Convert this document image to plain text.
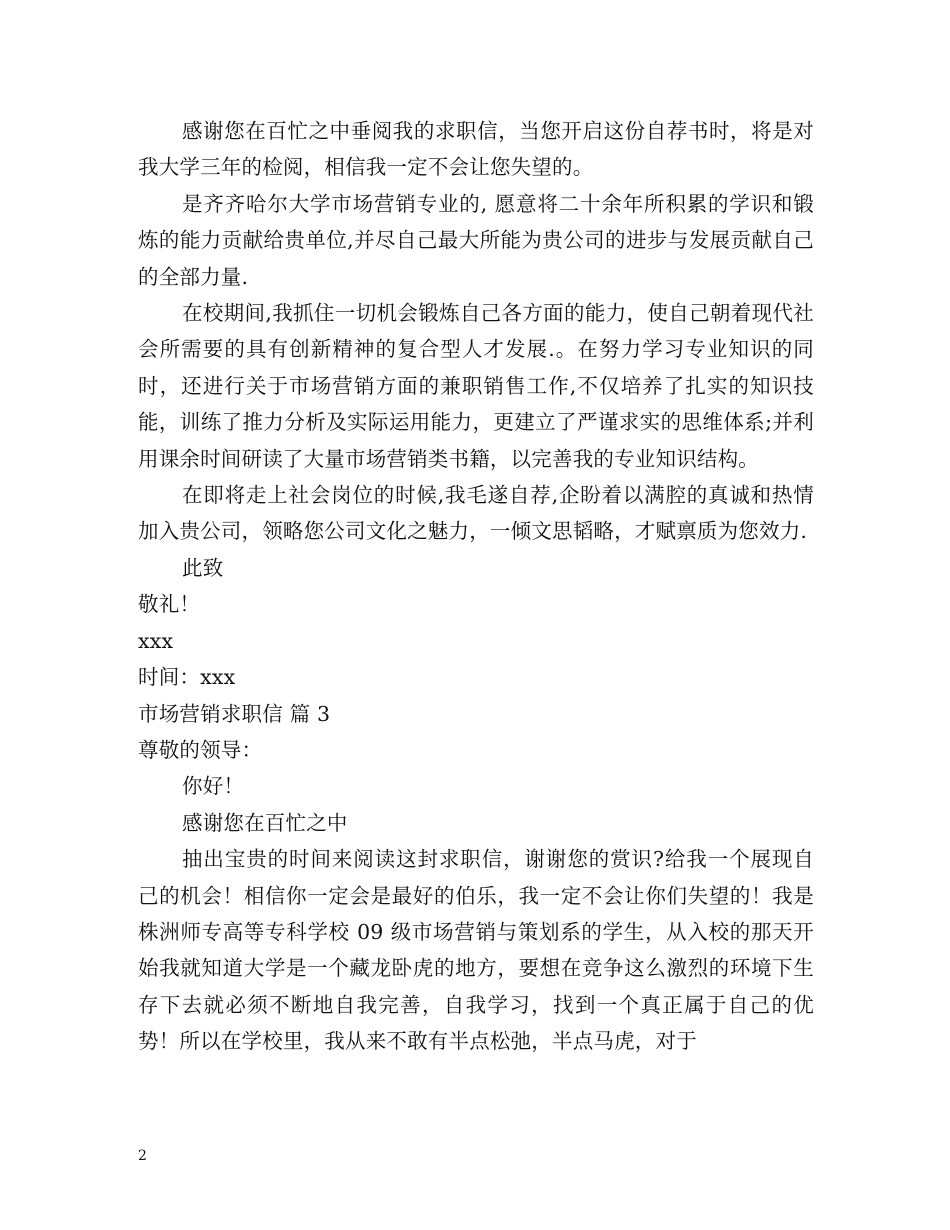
感谢您在百忙之中垂阅我的求职信，当您开启这份自荐书时，将是对我大学三年的检阅，相信我一定不会让您失望的。

是齐齐哈尔大学市场营销专业的, 愿意将二十余年所积累的学识和锻炼的能力贡献给贵单位,并尽自己最大所能为贵公司的进步与发展贡献自己的全部力量.

在校期间,我抓住一切机会锻炼自己各方面的能力，使自己朝着现代社会所需要的具有创新精神的复合型人才发展.。在努力学习专业知识的同时，还进行关于市场营销方面的兼职销售工作,不仅培养了扎实的知识技能，训练了推力分析及实际运用能力，更建立了严谨求实的思维体系;并利用课余时间研读了大量市场营销类书籍，以完善我的专业知识结构。

在即将走上社会岗位的时候,我毛遂自荐,企盼着以满腔的真诚和热情加入贵公司，领略您公司文化之魅力，一倾文思韬略，才赋禀质为您效力.

此致

敬礼！

xxx

时间：xxx

市场营销求职信 篇 3

尊敬的领导：

你好！

感谢您在百忙之中

抽出宝贵的时间来阅读这封求职信，谢谢您的赏识?给我一个展现自己的机会！相信你一定会是最好的伯乐，我一定不会让你们失望的！我是株洲师专高等专科学校 09 级市场营销与策划系的学生，从入校的那天开始我就知道大学是一个藏龙卧虎的地方，要想在竞争这么激烈的环境下生存下去就必须不断地自我完善，自我学习，找到一个真正属于自己的优势！所以在学校里，我从来不敢有半点松弛，半点马虎，对于

2
